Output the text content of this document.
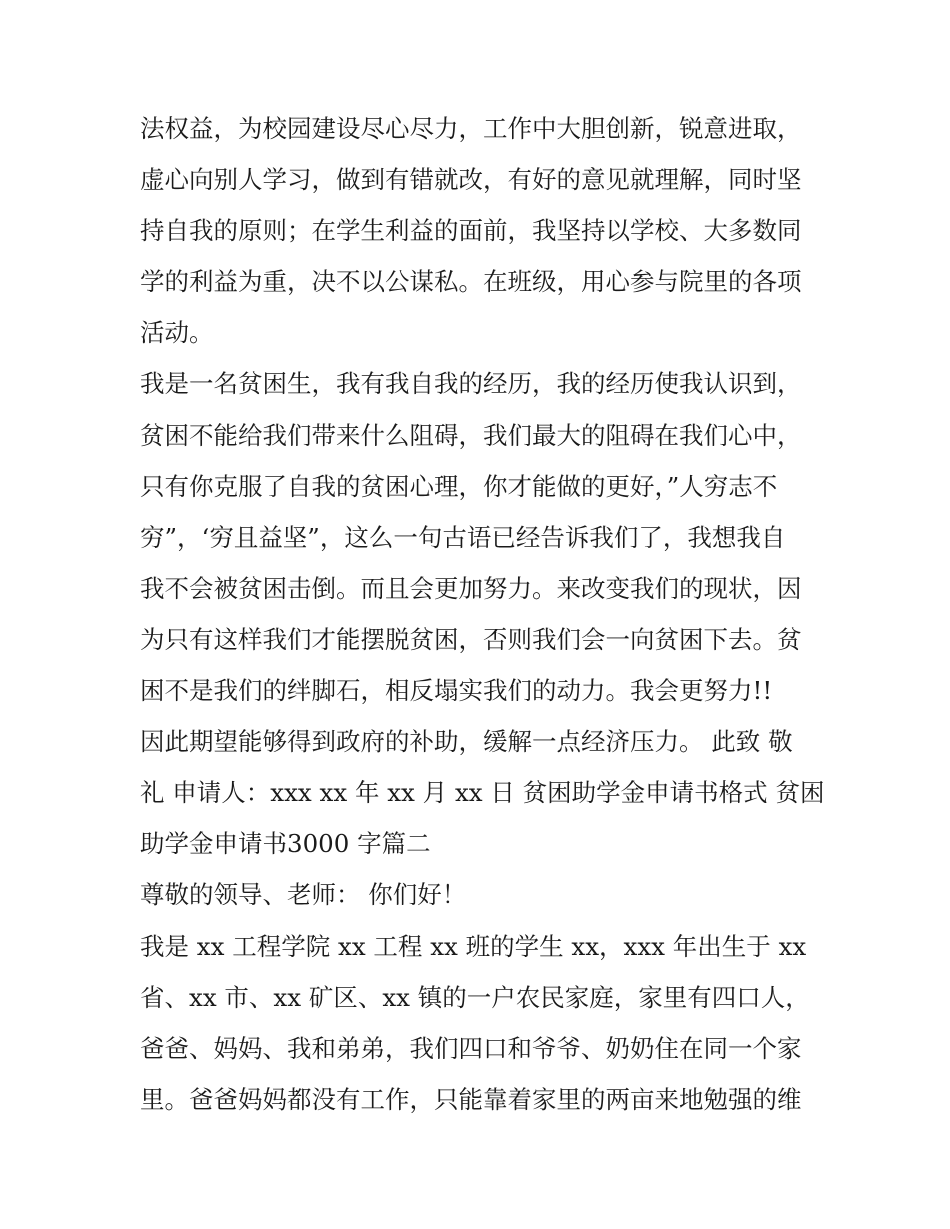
法权益，为校园建设尽心尽力，工作中大胆创新，锐意进取，
虚心向别人学习，做到有错就改，有好的意见就理解，同时坚
持自我的原则；在学生利益的面前，我坚持以学校、大多数同
学的利益为重，决不以公谋私。在班级，用心参与院里的各项
活动。
我是一名贫困生，我有我自我的经历，我的经历使我认识到，
贫困不能给我们带来什么阻碍，我们最大的阻碍在我们心中，
只有你克服了自我的贫困心理，你才能做的更好，”人穷志不
穷”，‘穷且益坚”，这么一句古语已经告诉我们了，我想我自
我不会被贫困击倒。而且会更加努力。来改变我们的现状，因
为只有这样我们才能摆脱贫困，否则我们会一向贫困下去。贫
困不是我们的绊脚石，相反塌实我们的动力。我会更努力!!
因此期望能够得到政府的补助，缓解一点经济压力。 此致 敬
礼 申请人：xxx xx 年 xx 月 xx 日 贫困助学金申请书格式 贫困
助学金申请书3000 字篇二
尊敬的领导、老师： 你们好！
我是 xx 工程学院 xx 工程 xx 班的学生 xx，xxx 年出生于 xx
省、xx 市、xx 矿区、xx 镇的一户农民家庭，家里有四口人，
爸爸、妈妈、我和弟弟，我们四口和爷爷、奶奶住在同一个家
里。爸爸妈妈都没有工作，只能靠着家里的两亩来地勉强的维
